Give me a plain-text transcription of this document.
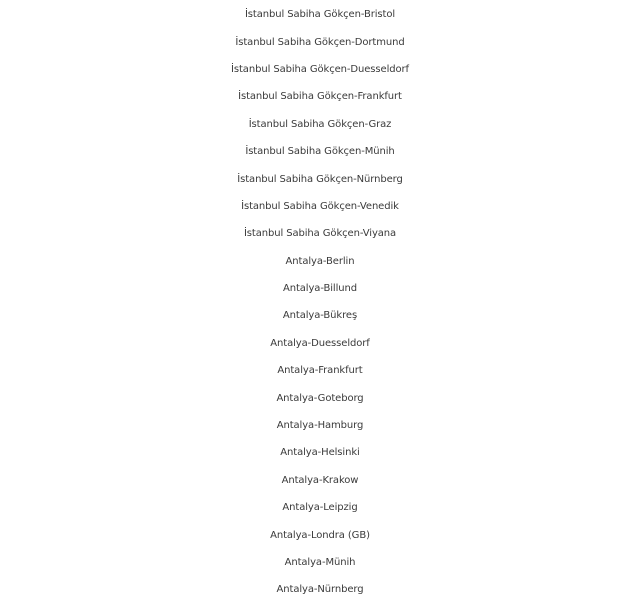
İstanbul Sabiha Gökçen-Bristol
İstanbul Sabiha Gökçen-Dortmund
İstanbul Sabiha Gökçen-Duesseldorf
İstanbul Sabiha Gökçen-Frankfurt
İstanbul Sabiha Gökçen-Graz
İstanbul Sabiha Gökçen-Münih
İstanbul Sabiha Gökçen-Nürnberg
İstanbul Sabiha Gökçen-Venedik
İstanbul Sabiha Gökçen-Viyana
Antalya-Berlin
Antalya-Billund
Antalya-Bükreş
Antalya-Duesseldorf
Antalya-Frankfurt
Antalya-Goteborg
Antalya-Hamburg
Antalya-Helsinki
Antalya-Krakow
Antalya-Leipzig
Antalya-Londra (GB)
Antalya-Münih
Antalya-Nürnberg
